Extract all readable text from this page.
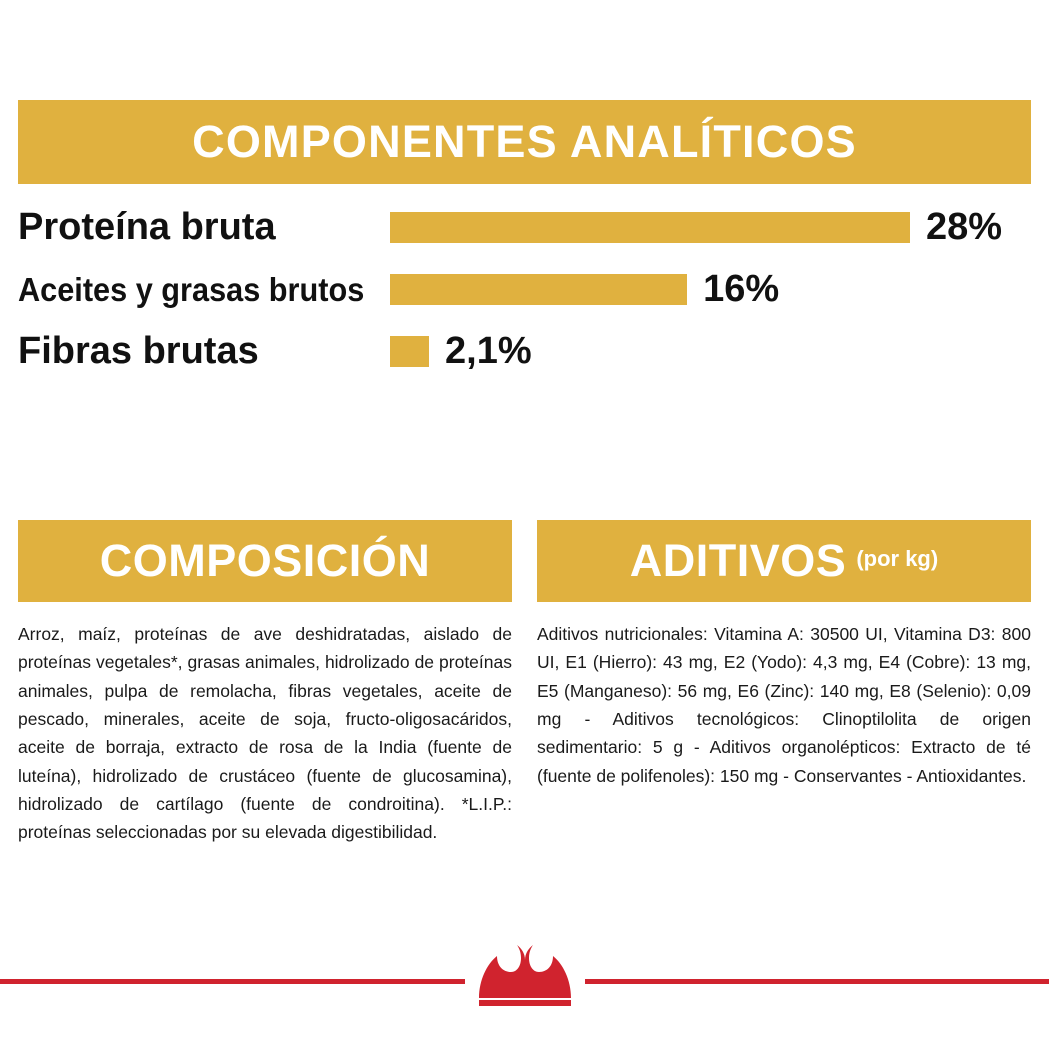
COMPONENTES ANALÍTICOS
Proteína bruta	28%
Aceites y grasas brutos	16%
Fibras brutas	2,1%
COMPOSICIÓN
Arroz, maíz, proteínas de ave deshidratadas, aislado de proteínas vegetales*, grasas animales, hidrolizado de proteínas animales, pulpa de remolacha, fibras vegetales, aceite de pescado, minerales, aceite de soja, fructo-oligosacáridos, aceite de borraja, extracto de rosa de la India (fuente de luteína), hidrolizado de crustáceo (fuente de glucosamina), hidrolizado de cartílago (fuente de condroitina). *L.I.P.: proteínas seleccionadas por su elevada digestibilidad.
ADITIVOS (por kg)
Aditivos nutricionales: Vitamina A: 30500 UI, Vitamina D3: 800 UI, E1 (Hierro): 43 mg, E2 (Yodo): 4,3 mg, E4 (Cobre): 13 mg, E5 (Manganeso): 56 mg, E6 (Zinc): 140 mg, E8 (Selenio): 0,09 mg - Aditivos tecnológicos: Clinoptilolita de origen sedimentario: 5 g - Aditivos organolépticos: Extracto de té (fuente de polifenoles): 150 mg - Conservantes - Antioxidantes.
